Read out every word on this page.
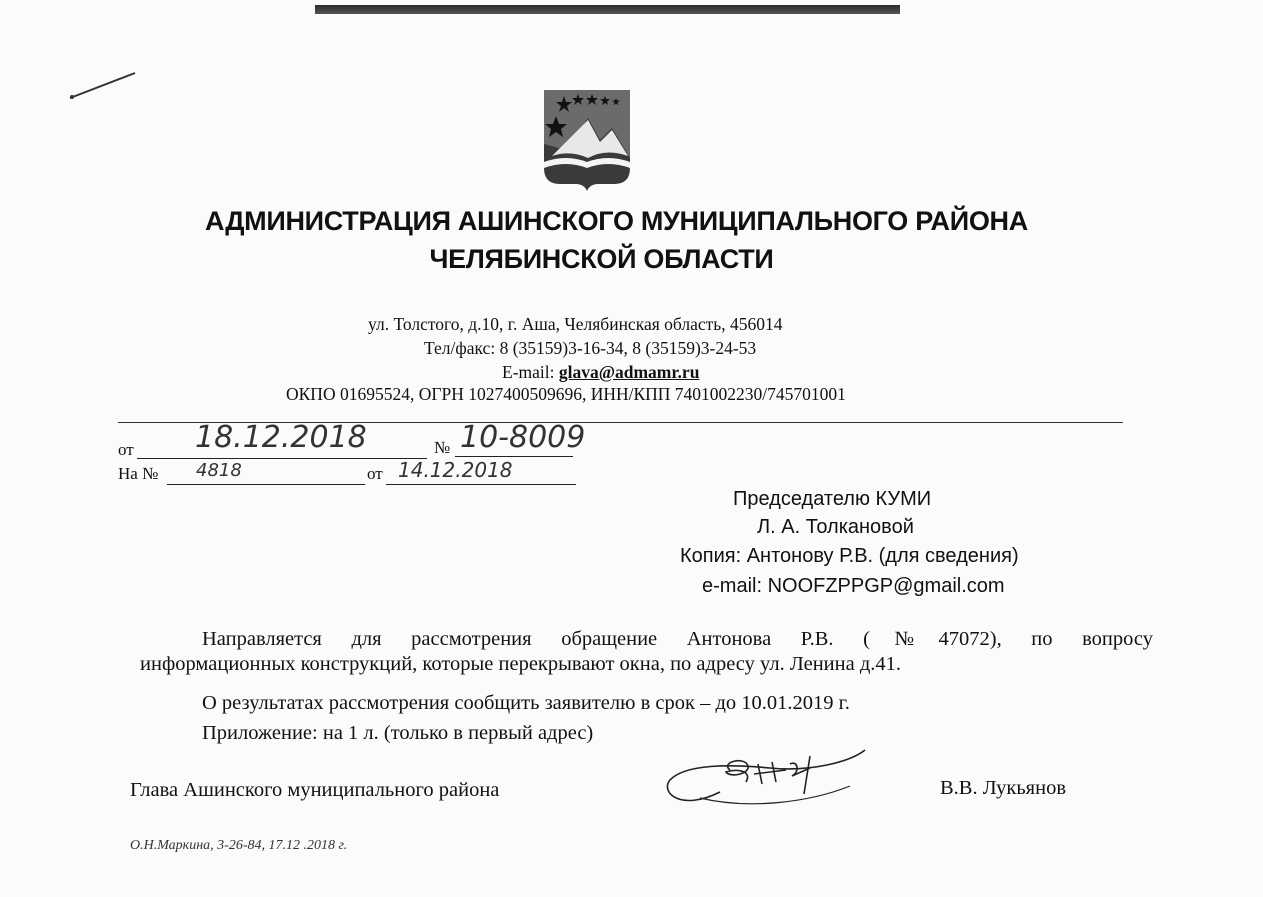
АДМИНИСТРАЦИЯ АШИНСКОГО МУНИЦИПАЛЬНОГО РАЙОНА
ЧЕЛЯБИНСКОЙ ОБЛАСТИ
ул. Толстого, д.10, г. Аша, Челябинская область, 456014
Тел/факс: 8 (35159)3-16-34, 8 (35159)3-24-53
E-mail: glava@admamr.ru
ОКПО 01695524, ОГРН 1027400509696, ИНН/КПП 7401002230/745701001
от 18.12.2018	№ 10-8009
На № 4818	от 14.12.2018
Председателю КУМИ
Л. А. Толкановой
Копия: Антонову Р.В. (для сведения)
e-mail: NOOFZPPGP@gmail.com
Направляется для рассмотрения обращение Антонова Р.В. (№47072), по вопросу
информационных конструкций, которые перекрывают окна, по адресу ул. Ленина д.41.
О результатах рассмотрения сообщить заявителю в срок – до 10.01.2019 г.
Приложение: на 1 л. (только в первый адрес)
Глава Ашинского муниципального района	В.В. Лукьянов
О.Н.Маркина, 3-26-84, 17.12 .2018 г.
